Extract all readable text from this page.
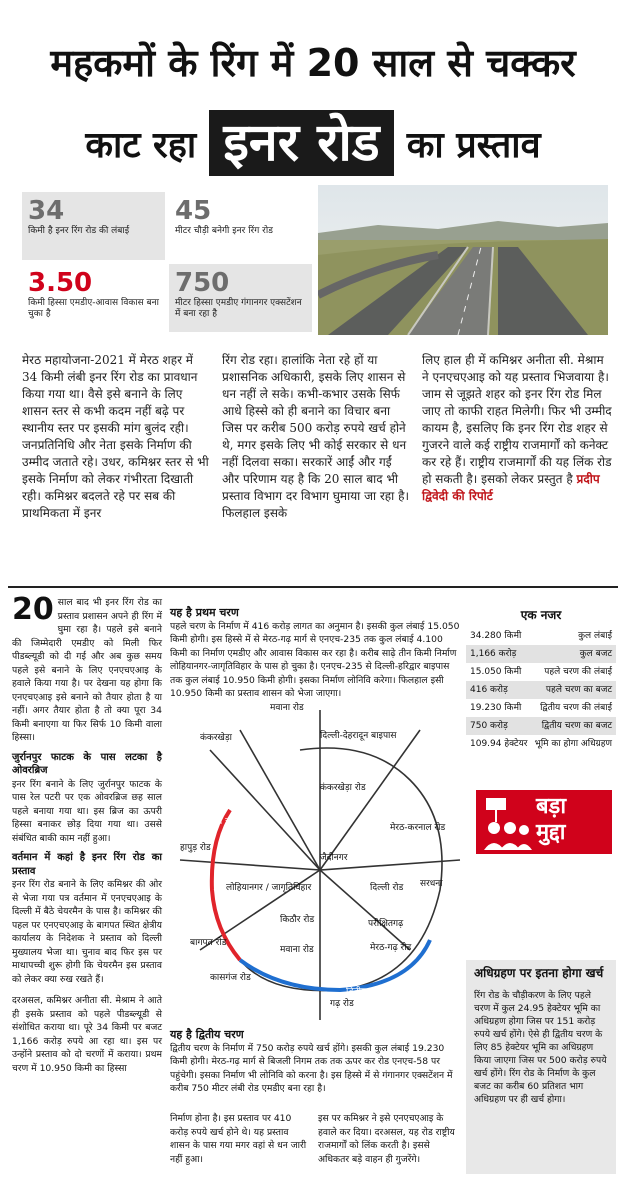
महकमों के रिंग में 20 साल से चक्कर
काट रहा इनर रोड का प्रस्ताव
34
किमी है इनर रिंग रोड की लंबाई
45
मीटर चौड़ी बनेगी इनर रिंग रोड
3.50
किमी हिस्सा एमडीए-आवास विकास बना चुका है
750
मीटर हिस्सा एमडीए गंगानगर एक्सटेंशन में बना रहा है
मेरठ महायोजना-2021 में मेरठ शहर में 34 किमी लंबी इनर रिंग रोड का प्रावधान किया गया था। वैसे इसे बनाने के लिए शासन स्तर से कभी कदम नहीं बढ़े पर स्थानीय स्तर पर इसकी मांग बुलंद रही। जनप्रतिनिधि और नेता इसके निर्माण की उम्मीद जताते रहे। उधर, कमिश्नर स्तर से भी इसके निर्माण को लेकर गंभीरता दिखाती रही। कमिश्नर बदलते रहे पर सब की प्राथमिकता में इनर
रिंग रोड रहा। हालांकि नेता रहे हों या प्रशासनिक अधिकारी, इसके लिए शासन से धन नहीं ले सके। कभी-कभार उसके सिर्फ आधे हिस्से को ही बनाने का विचार बना जिस पर करीब 500 करोड़ रुपये खर्च होने थे, मगर इसके लिए भी कोई सरकार से धन नहीं दिलवा सका। सरकारें आईं और गईं और परिणाम यह है कि 20 साल बाद भी प्रस्ताव विभाग दर विभाग घुमाया जा रहा है। फिलहाल इसके
लिए हाल ही में कमिश्नर अनीता सी. मेश्राम ने एनएचएआइ को यह प्रस्ताव भिजवाया है। जाम से जूझते शहर को इनर रिंग रोड मिल जाए तो काफी राहत मिलेगी। फिर भी उम्मीद कायम है, इसलिए कि इनर रिंग रोड शहर से गुजरने वाले कई राष्ट्रीय राजमार्गों को कनेक्ट कर रहे हैं। राष्ट्रीय राजमार्गों की यह लिंक रोड हो सकती है। इसको लेकर प्रस्तुत है प्रदीप द्विवेदी की रिपोर्ट
20 साल बाद भी इनर रिंग रोड का प्रस्ताव प्रशासन अपने ही रिंग में घुमा रहा है। पहले इसे बनाने की जिम्मेदारी एमडीए को मिली फिर पीडब्ल्यूडी को दी गई और अब कुछ समय पहले इसे बनाने के लिए एनएचएआइ के हवाले किया गया है। पर देखना यह होगा कि एनएचएआइ इसे बनाने को तैयार होता है या नहीं। अगर तैयार होता है तो क्या पूरा 34 किमी बनाएगा या फिर सिर्फ 10 किमी वाला हिस्सा।
जुर्रानपुर फाटक के पास लटका है ओवरब्रिज
इनर रिंग बनाने के लिए जुर्रानपुर फाटक के पास रेल पटरी पर एक ओवरब्रिज छह साल पहले बनाया गया था। इस ब्रिज का ऊपरी हिस्सा बनाकर छोड़ दिया गया था। उससे संबंधित बाकी काम नहीं हुआ।
वर्तमान में कहां है इनर रिंग रोड का प्रस्ताव
इनर रिंग रोड बनाने के लिए कमिश्नर की ओर से भेजा गया पत्र वर्तमान में एनएचएआइ के दिल्ली में बैठे चेयरमैन के पास है। कमिश्नर की पहल पर एनएचएआइ के बागपत स्थित क्षेत्रीय कार्यालय के निदेशक ने प्रस्ताव को दिल्ली मुख्यालय भेजा था। चुनाव बाद फिर इस पर माथापच्ची शुरू होगी कि चेयरमैन इस प्रस्ताव को लेकर क्या रुख रखते हैं।
दरअसल, कमिश्नर अनीता सी. मेश्राम ने आते ही इसके प्रस्ताव को पहले पीडब्ल्यूडी से संशोधित कराया था। पूरे 34 किमी पर बजट 1,166 करोड़ रुपये आ रहा था। इस पर उन्होंने प्रस्ताव को दो चरणों में कराया। प्रथम चरण में 10.950 किमी का हिस्सा
यह है प्रथम चरण
पहले चरण के निर्माण में 416 करोड़ लागत का अनुमान है। इसकी कुल लंबाई 15.050 किमी होगी। इस हिस्से में से मेरठ-गढ़ मार्ग से एनएच-235 तक कुल लंबाई 4.100 किमी का निर्माण एमडीए और आवास विकास कर रहा है। करीब साढ़े तीन किमी निर्माण लोहियानगर-जागृतिविहार के पास हो चुका है। एनएच-235 से दिल्ली-हरिद्वार बाइपास तक कुल लंबाई 10.950 किमी होगी। इसका निर्माण लोनिवि करेगा। फिलहाल इसी 10.950 किमी का प्रस्ताव शासन को भेजा जाएगा।
मवाना रोड
कंकरखेड़ा	दिल्ली-देहरादून बाइपास
कंकरखेड़ा रोड
मेरठ-करनाल रोड
हापुड़ रोड
प्रथम चरण
लोहियानगर / जागृतिविहार
जैदीनगर
गढ़ रोड
किठौर रोड	परीक्षितगढ़
मवाना रोड
बागपत रोड
द्वितीय चरण
सरधना
दिल्ली रोड
कासगंज रोड
मेरठ-गढ़ रोड
यह है द्वितीय चरण
द्वितीय चरण के निर्माण में 750 करोड़ रुपये खर्च होंगे। इसकी कुल लंबाई 19.230 किमी होगी। मेरठ-गढ़ मार्ग से बिजली निगम तक तक ऊपर कर रोड एनएच-58 पर पहुंचेगी। इसका निर्माण भी लोनिवि को करना है। इस हिस्से में से गंगानगर एक्सटेंशन में करीब 750 मीटर लंबी रोड एमडीए बना रहा है।
निर्माण होना है। इस प्रस्ताव पर 410 करोड़ रुपये खर्च होने थे। यह प्रस्ताव शासन के पास गया मगर वहां से धन जारी नहीं हुआ।
इस पर कमिश्नर ने इसे एनएचएआइ के हवाले कर दिया। दरअसल, यह रोड राष्ट्रीय राजमार्गों को लिंक करती है। इससे अधिकतर बड़े वाहन ही गुजरेंगे।
एक नजर
34.280 किमी	कुल लंबाई
1,166 करोड़	कुल बजट
15.050 किमी	पहले चरण की लंबाई
416 करोड़	पहले चरण का बजट
19.230 किमी	द्वितीय चरण की लंबाई
750 करोड़	द्वितीय चरण का बजट
109.94 हेक्टेयर भूमि का होगा अधिग्रहण
बड़ा
मुद्दा
अधिग्रहण पर इतना होगा खर्च
रिंग रोड के चौड़ीकरण के लिए पहले चरण में कुल 24.95 हेक्टेयर भूमि का अधिग्रहण होगा जिस पर 151 करोड़ रुपये खर्च होंगे। ऐसे ही द्वितीय चरण के लिए 85 हेक्टेयर भूमि का अधिग्रहण किया जाएगा जिस पर 500 करोड़ रुपये खर्च होंगे। रिंग रोड के निर्माण के कुल बजट का करीब 60 प्रतिशत भाग अधिग्रहण पर ही खर्च होगा।
